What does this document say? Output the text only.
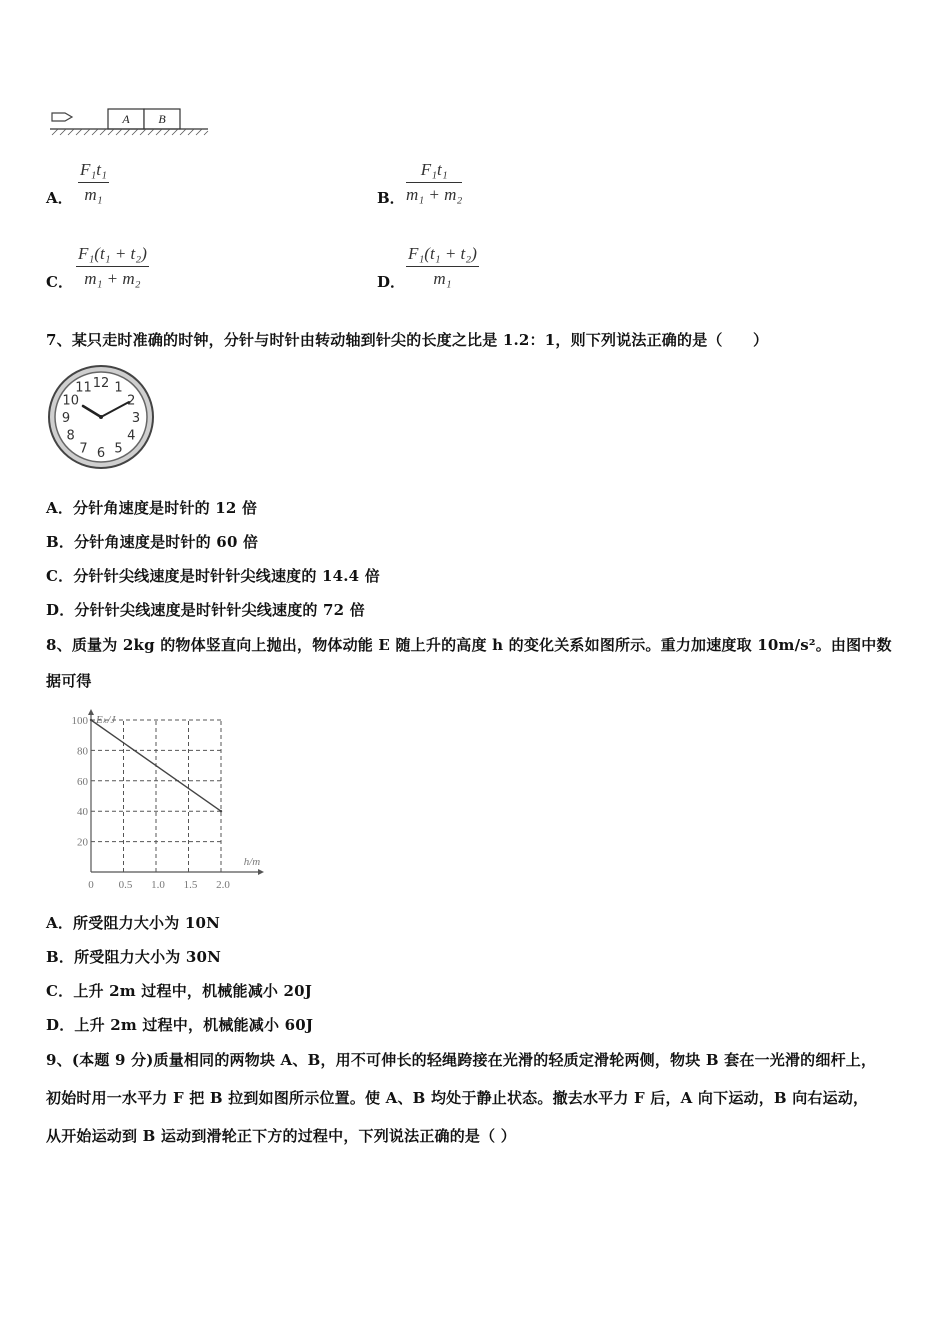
A B
A． $\frac{\text{F₁t₁}}{\text{m₁}}$	B． $\frac{\text{F₁t₁}}{\text{m₁ + m₂}}$
C． $\frac{\text{F₁(t₁ + t₂)}}{\text{m₁ + m₂}}$	D． $\frac{\text{F₁(t₁ + t₂)}}{\text{m₁}}$
7、某只走时准确的时钟，分针与时针由转动轴到针尖的长度之比是 1.2：1，则下列说法正确的是（　　）
12 1
2
3
4
5
6
7
8
9
10
11
A．分针角速度是时针的 12 倍
B．分针角速度是时针的 60 倍
C．分针针尖线速度是时针针尖线速度的 14.4 倍
D．分针针尖线速度是时针针尖线速度的 72 倍
8、质量为 2kg 的物体竖直向上抛出，物体动能 E 随上升的高度 h 的变化关系如图所示。重力加速度取 10m/s²。由图中数
据可得
0 0.5 1.0 1.5 2.0
20
40
60
80
100
h/m
Eₖ/J
A．所受阻力大小为 10N
B．所受阻力大小为 30N
C．上升 2m 过程中，机械能减小 20J
D．上升 2m 过程中，机械能减小 60J
9、(本题 9 分)质量相同的两物块 A、B，用不可伸长的轻绳跨接在光滑的轻质定滑轮两侧，物块 B 套在一光滑的细杆上，
初始时用一水平力 F 把 B 拉到如图所示位置。使 A、B 均处于静止状态。撤去水平力 F 后，A 向下运动，B 向右运动，
从开始运动到 B 运动到滑轮正下方的过程中，下列说法正确的是（ ）
